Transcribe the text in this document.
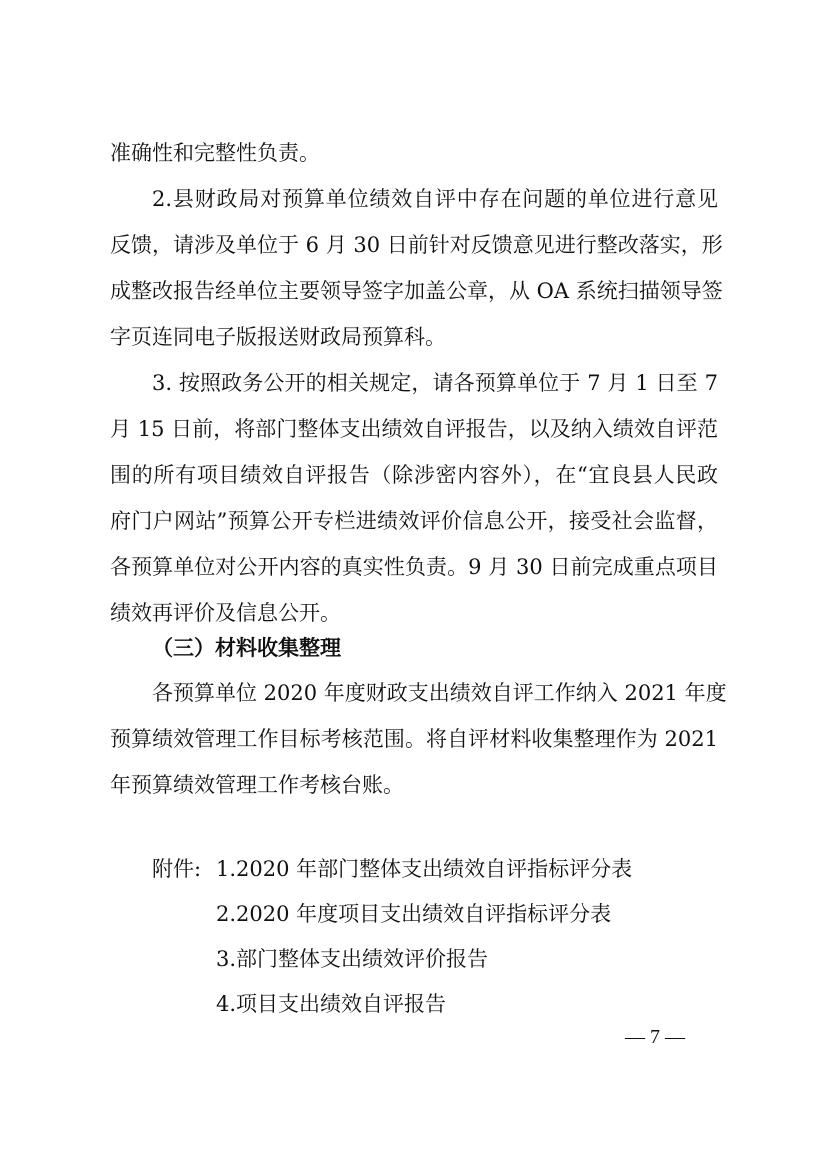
准确性和完整性负责。
2.县财政局对预算单位绩效自评中存在问题的单位进行意见
反馈，请涉及单位于 6 月 30 日前针对反馈意见进行整改落实，形
成整改报告经单位主要领导签字加盖公章，从 OA 系统扫描领导签
字页连同电子版报送财政局预算科。
3. 按照政务公开的相关规定，请各预算单位于 7 月 1 日至 7
月 15 日前，将部门整体支出绩效自评报告，以及纳入绩效自评范
围的所有项目绩效自评报告（除涉密内容外），在“宜良县人民政
府门户网站”预算公开专栏进绩效评价信息公开，接受社会监督，
各预算单位对公开内容的真实性负责。9 月 30 日前完成重点项目
绩效再评价及信息公开。
（三）材料收集整理
各预算单位 2020 年度财政支出绩效自评工作纳入 2021 年度
预算绩效管理工作目标考核范围。将自评材料收集整理作为 2021
年预算绩效管理工作考核台账。
附件: 1.2020 年部门整体支出绩效自评指标评分表
2.2020 年度项目支出绩效自评指标评分表
3.部门整体支出绩效评价报告
4.项目支出绩效自评报告
— 7 —
